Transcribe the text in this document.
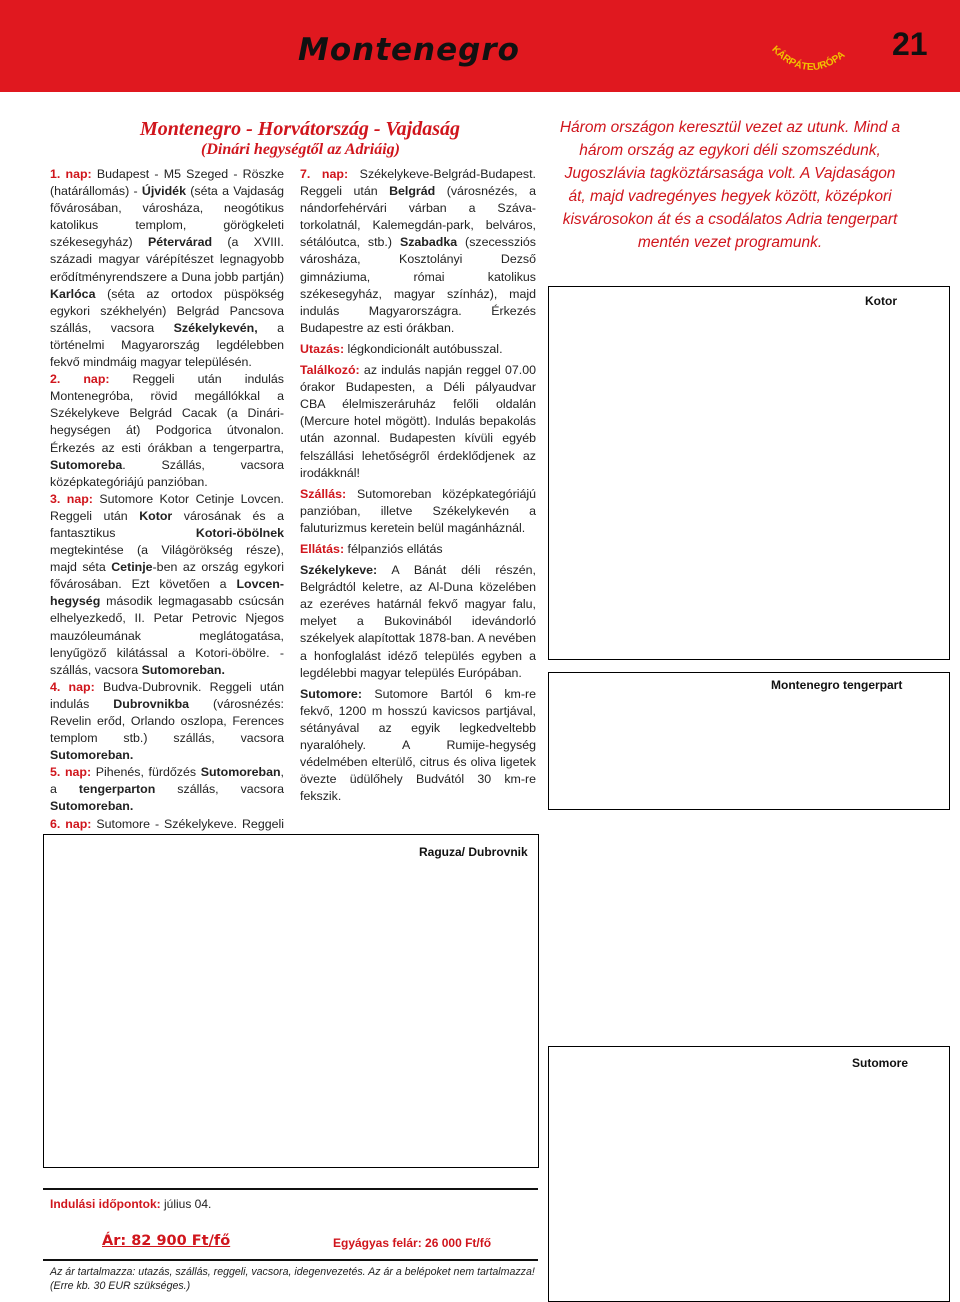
Montenegro	KÁRPÁTEURÓPA 21
Montenegro - Horvátország - Vajdaság
(Dinári hegységtől az Adriáig)

1. nap: Budapest - M5 Szeged - Röszke (határállomás) - Újvidék (séta a Vajdaság fővárosában, városháza, neogótikus katolikus templom, görögkeleti székesegyház) Pétervárad (a XVIII. századi magyar várépítészet legnagyobb erődítményrendszere a Duna jobb partján) Karlóca (séta az ortodox püspökség egykori székhelyén) Belgrád Pancsova szállás, vacsora Székelykevén, a történelmi Magyarország legdélebben fekvő mindmáig magyar településén.

2. nap: Reggeli után indulás Montenegróba, rövid megállókkal a Székelykeve Belgrád Cacak (a Dinári-hegységen át) Podgorica útvonalon. Érkezés az esti órákban a tengerpartra, Sutomoreba. Szállás, vacsora középkategóriájú panzióban.

3. nap: Sutomore Kotor Cetinje Lovcen. Reggeli után Kotor városának és a fantasztikus Kotori-öbölnek megtekintése (a Világörökség része), majd séta Cetinje-ben az ország egykori fővárosában. Ezt követően a Lovcen-hegység második legmagasabb csúcsán elhelyezkedő, II. Petar Petrovic Njegos mauzóleumának meglátogatása, lenyűgöző kilátással a Kotori-öbölre. - szállás, vacsora Sutomoreban.

4. nap: Budva-Dubrovnik. Reggeli után indulás Dubrovnikba (városnézés: Revelin erőd, Orlando oszlopa, Ferences templom stb.) szállás, vacsora Sutomoreban.

5. nap: Pihenés, fürdőzés Sutomoreban, a tengerparton szállás, vacsora Sutomoreban.

6. nap: Sutomore - Székelykeve. Reggeli

7. nap: Székelykeve-Belgrád-Budapest. Reggeli után Belgrád (városnézés, a nándorfehérvári várban a Száva-torkolatnál, Kalemegdán-park, belváros, sétálóutca, stb.) Szabadka (szecessziós városháza, Kosztolányi Dezső gimnáziuma, római katolikus székesegyház, magyar színház), majd indulás Magyarországra. Érkezés Budapestre az esti órákban.

Utazás: légkondicionált autóbusszal.

Találkozó: az indulás napján reggel 07.00 órakor Budapesten, a Déli pályaudvar CBA élelmiszeráruház felőli oldalán (Mercure hotel mögött). Indulás bepakolás után azonnal. Budapesten kívüli egyéb felszállási lehetőségről érdeklődjenek az irodákknál!

Szállás: Sutomoreban középkategóriájú panzióban, illetve Székelykevén a faluturizmus keretein belül magánháznál.

Ellátás: félpanziós ellátás

Székelykeve: A Bánát déli részén, Belgrádtól keletre, az Al-Duna közelében az ezeréves határnál fekvő magyar falu, melyet a Bukovinából idevándorló székelyek alapítottak 1878-ban. A nevében a honfoglalást idéző település egyben a legdélebbi magyar település Európában.

Sutomore: Sutomore Bartól 6 km-re fekvő, 1200 m hosszú kavicsos partjával, sétányával az egyik legkedveltebb nyaralóhely. A Rumije-hegység védelmében elterülő, citrus és oliva ligetek övezte üdülőhely Budvától 30 km-re fekszik.

Három országon keresztül vezet az utunk. Mind a három ország az egykori déli szomszédunk, Jugoszlávia tagköztársasága volt. A Vajdaságon át, majd vadregényes hegyek között, középkori kisvárosokon át és a csodálatos Adria tengerpart mentén vezet programunk.
Kotor
Montenegro tengerpart
Raguza/ Dubrovnik
Sutomore
Indulási időpontok: július 04.
Ár: 82 900 Ft/fő	Egyágyas felár: 26 000 Ft/fő
Az ár tartalmazza: utazás, szállás, reggeli, vacsora, idegenvezetés. Az ár a belépoket nem tartalmazza! (Erre kb. 30 EUR szükséges.)
